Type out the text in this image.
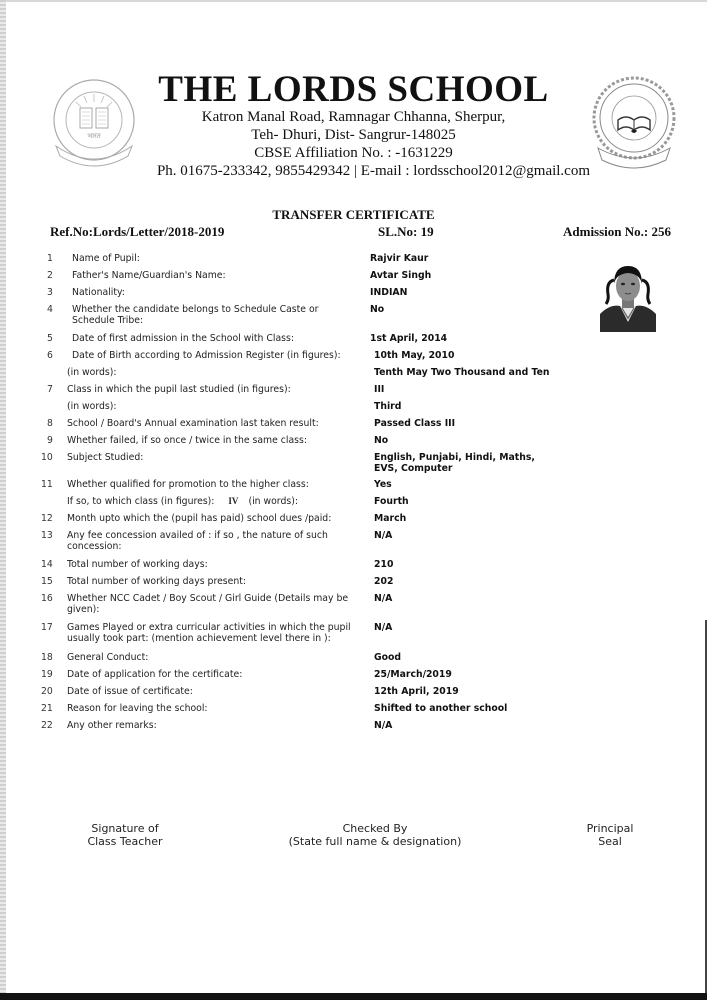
भारत
THE LORDS SCHOOL
Katron Manal Road, Ramnagar Chhanna, Sherpur,
Teh- Dhuri, Dist- Sangrur-148025
CBSE Affiliation No. : -1631229
Ph. 01675-233342, 9855429342 | E-mail : lordsschool2012@gmail.com
TRANSFER CERTIFICATE
Ref.No:Lords/Letter/2018-2019	SL.No: 19	Admission No.: 256
1	Name of Pupil:	Rajvir Kaur
2	Father's Name/Guardian's Name:	Avtar Singh
3	Nationality:	INDIAN
4	Whether the candidate belongs to Schedule Caste or Schedule Tribe:
No
5	Date of first admission in the School with Class:	1st April, 2014
6	Date of Birth according to Admission Register (in figures):	10th May, 2010
(in words):	Tenth May Two Thousand and Ten
7	Class in which the pupil last studied (in figures):	III
(in words):	Third
8	School / Board's Annual examination last taken result:	Passed Class III
9	Whether failed, if so once / twice in the same class:	No
10	Subject Studied:	English, Punjabi, Hindi, Maths, EVS, Computer
11	Whether qualified for promotion to the higher class:	Yes
If so, to which class (in figures): IV (in words):	Fourth
12	Month upto which the (pupil has paid) school dues /paid:	March
13	Any fee concession availed of : if so , the nature of such concession:
N/A
14	Total number of working days:	210
15	Total number of working days present:	202
16	Whether NCC Cadet / Boy Scout / Girl Guide (Details may be given):
N/A
17	Games Played or extra curricular activities in which the pupil usually took part: (mention achievement level there in ):
N/A
18	General Conduct:	Good
19	Date of application for the certificate:	25/March/2019
20	Date of issue of certificate:	12th April, 2019
21	Reason for leaving the school:	Shifted to another school
22	Any other remarks:	N/A
Signature of
Class Teacher
Checked By
(State full name & designation)
Principal
Seal
